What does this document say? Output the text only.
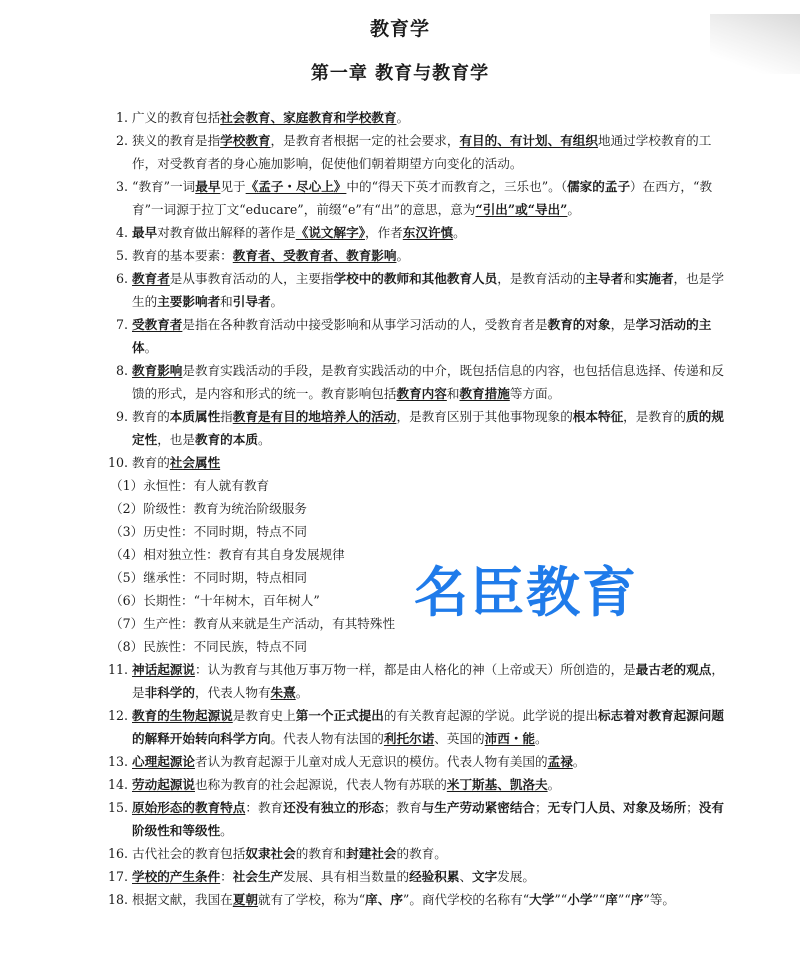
教育学
第一章 教育与教育学
1. 广义的教育包括社会教育、家庭教育和学校教育。
2. 狭义的教育是指学校教育，是教育者根据一定的社会要求，有目的、有计划、有组织地通过学校教育的工作，对受教育者的身心施加影响，促使他们朝着期望方向变化的活动。
3. “教育”一词最早见于《孟子・尽心上》中的“得天下英才而教育之，三乐也”。（儒家的孟子）在西方，“教育”一词源于拉丁文“educare”，前缀“e”有“出”的意思，意为“引出”或“导出”。
4. 最早对教育做出解释的著作是《说文解字》，作者东汉许慎。
5. 教育的基本要素：教育者、受教育者、教育影响。
6. 教育者是从事教育活动的人，主要指学校中的教师和其他教育人员，是教育活动的主导者和实施者，也是学生的主要影响者和引导者。
7. 受教育者是指在各种教育活动中接受影响和从事学习活动的人，受教育者是教育的对象，是学习活动的主体。
8. 教育影响是教育实践活动的手段，是教育实践活动的中介，既包括信息的内容，也包括信息选择、传递和反馈的形式，是内容和形式的统一。教育影响包括教育内容和教育措施等方面。
9. 教育的本质属性指教育是有目的地培养人的活动，是教育区别于其他事物现象的根本特征，是教育的质的规定性，也是教育的本质。
10. 教育的社会属性
（1）永恒性：有人就有教育
（2）阶级性：教育为统治阶级服务
（3）历史性：不同时期，特点不同
（4）相对独立性：教育有其自身发展规律
（5）继承性：不同时期，特点相同
（6）长期性：“十年树木，百年树人”
（7）生产性：教育从来就是生产活动，有其特殊性
（8）民族性：不同民族，特点不同
11. 神话起源说：认为教育与其他万事万物一样，都是由人格化的神（上帝或天）所创造的，是最古老的观点，是非科学的，代表人物有朱熹。
12. 教育的生物起源说是教育史上第一个正式提出的有关教育起源的学说。此学说的提出标志着对教育起源问题的解释开始转向科学方向。代表人物有法国的利托尔诺、英国的沛西・能。
13. 心理起源论者认为教育起源于儿童对成人无意识的模仿。代表人物有美国的孟禄。
14. 劳动起源说也称为教育的社会起源说，代表人物有苏联的米丁斯基、凯洛夫。
15. 原始形态的教育特点：教育还没有独立的形态；教育与生产劳动紧密结合；无专门人员、对象及场所；没有阶级性和等级性。
16. 古代社会的教育包括奴隶社会的教育和封建社会的教育。
17. 学校的产生条件：社会生产发展、具有相当数量的经验积累、文字发展。
18. 根据文献，我国在夏朝就有了学校，称为“庠、序”。商代学校的名称有“大学”“小学”“庠”“序”等。
名臣教育
